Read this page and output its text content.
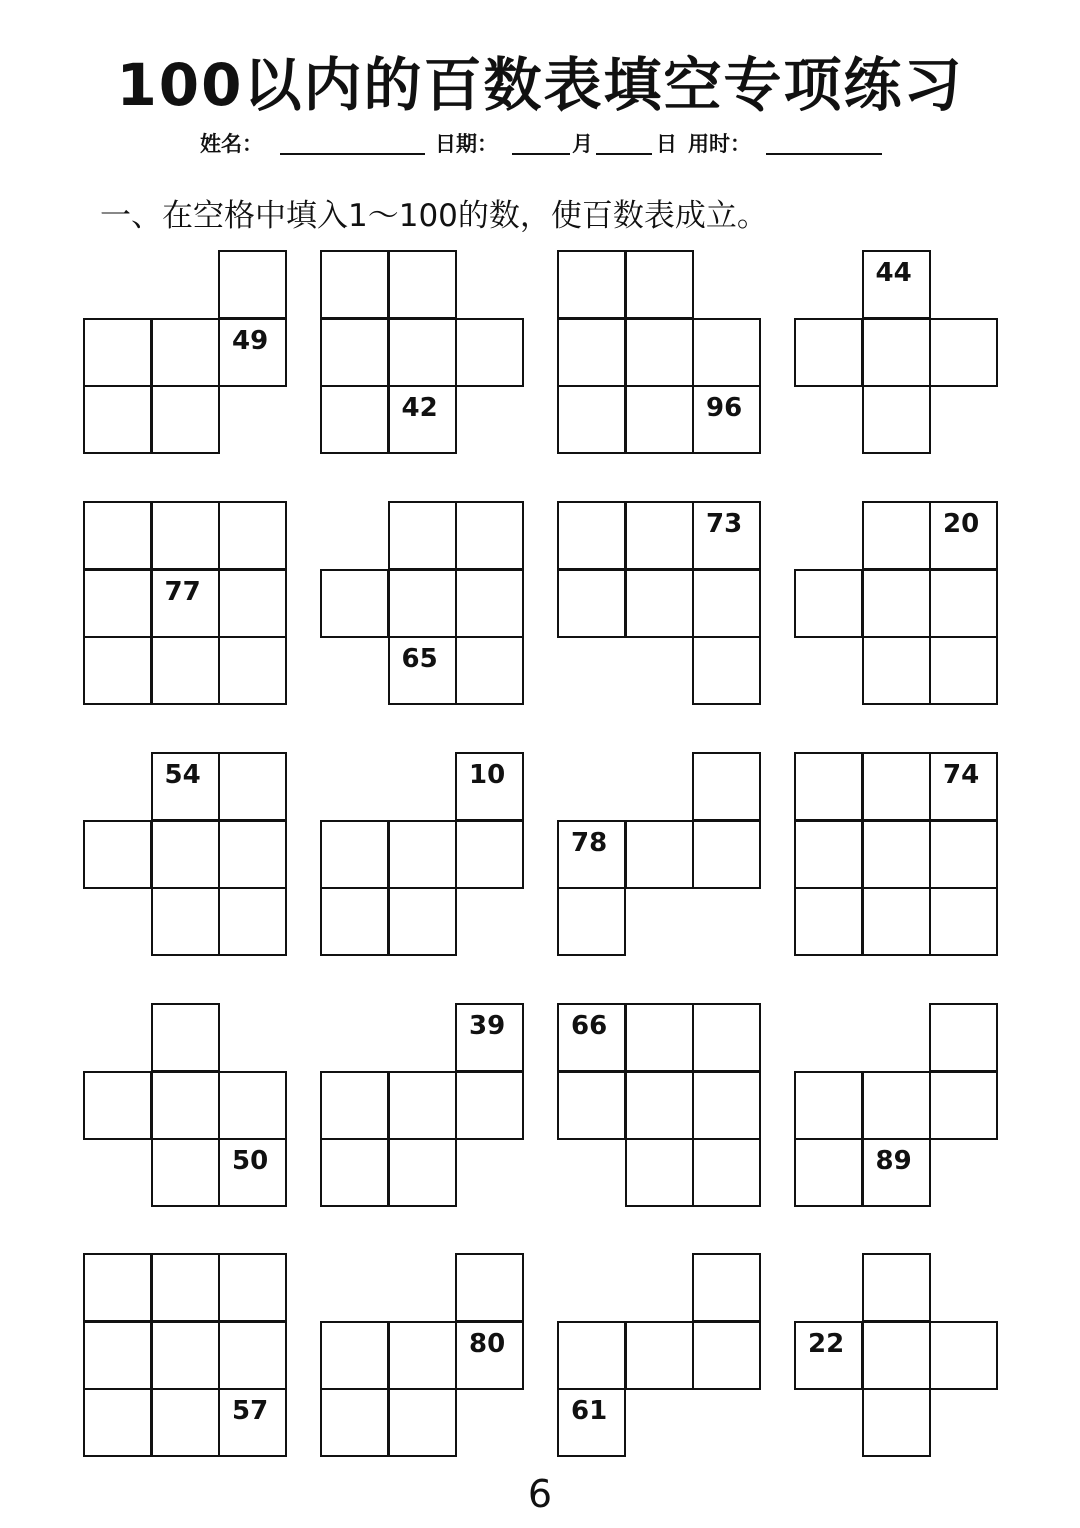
100以内的百数表填空专项练习
姓名：	日期：	月	日 用时：
一、在空格中填入1～100的数，使百数表成立。
49
42	96
44
77
65
73	20
54	10
78
74
50
39	66
89
57
80
61
22
6
